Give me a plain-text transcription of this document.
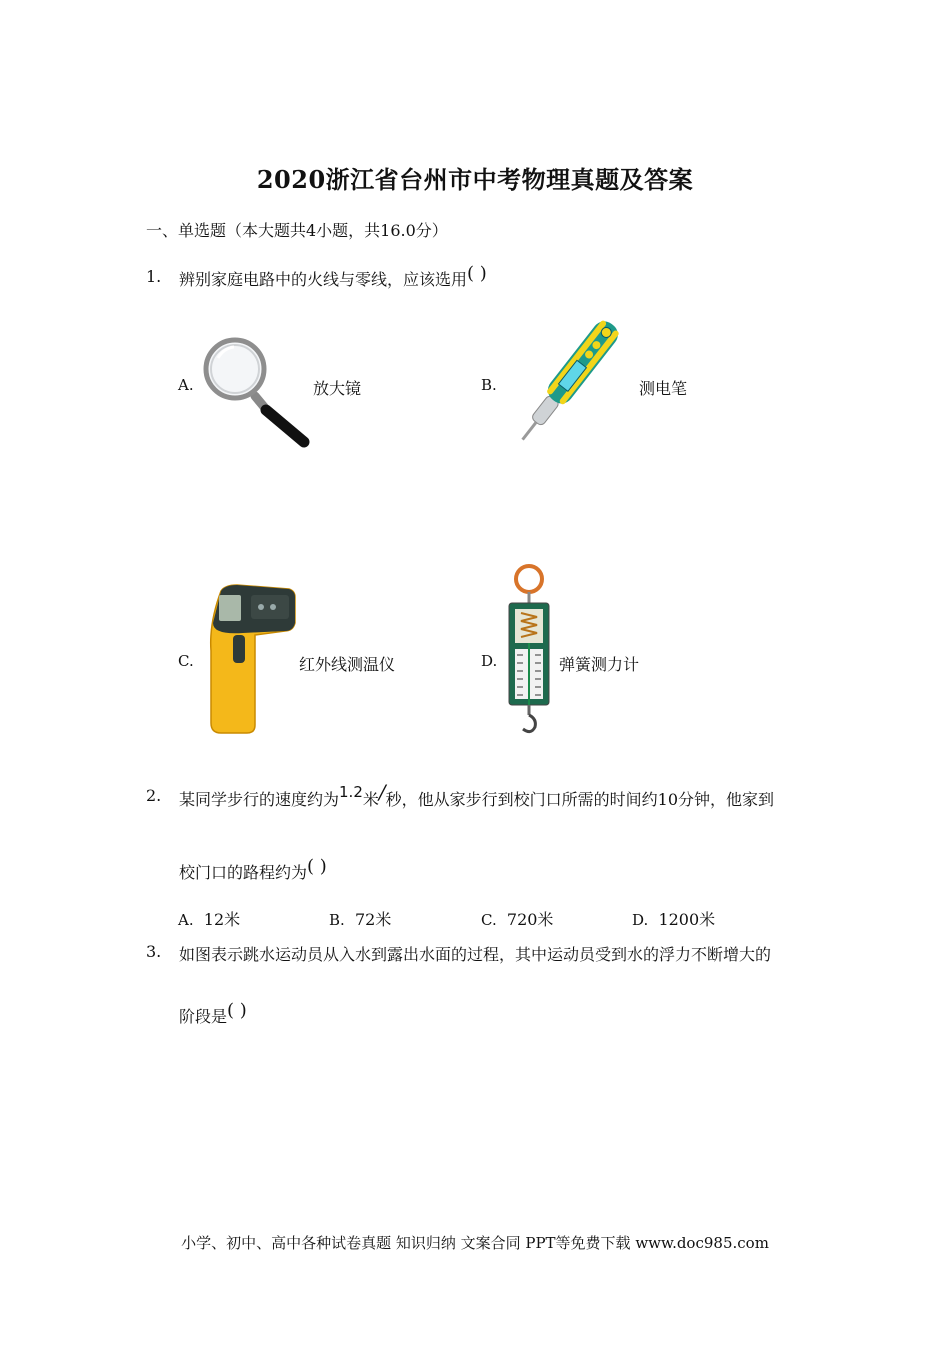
2020浙江省台州市中考物理真题及答案
一、单选题（本大题共4小题，共16.0分）
1. 辨别家庭电路中的火线与零线，应该选用( )
A.	放大镜	B.	测电笔
C.	红外线测温仪	D.	弹簧测力计
2. 某同学步行的速度约为1.2米/秒，他从家步行到校门口所需的时间约10分钟，他家到
校门口的路程约为( )
A. 12米	B. 72米	C. 720米	D. 1200米
3. 如图表示跳水运动员从入水到露出水面的过程，其中运动员受到水的浮力不断增大的
阶段是( )
小学、初中、高中各种试卷真题 知识归纳 文案合同 PPT等免费下载 www.doc985.com
